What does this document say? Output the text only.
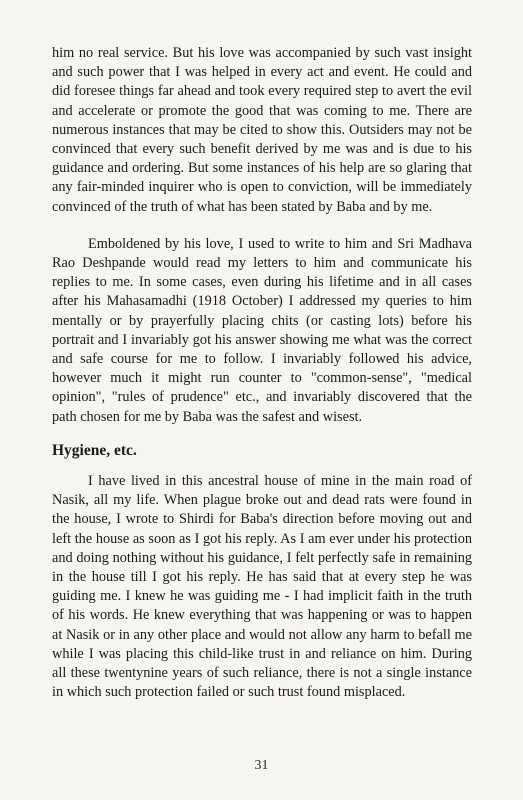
him no real service. But his love was accompanied by such vast insight and such power that I was helped in every act and event. He could and did foresee things far ahead and took every required step to avert the evil and accelerate or promote the good that was coming to me. There are numerous instances that may be cited to show this. Outsiders may not be convinced that every such benefit derived by me was and is due to his guidance and ordering. But some instances of his help are so glaring that any fair-minded inquirer who is open to conviction, will be immediately convinced of the truth of what has been stated by Baba and by me.

Emboldened by his love, I used to write to him and Sri Madhava Rao Deshpande would read my letters to him and communicate his replies to me. In some cases, even during his lifetime and in all cases after his Mahasamadhi (1918 October) I addressed my queries to him mentally or by prayerfully placing chits (or casting lots) before his portrait and I invariably got his answer showing me what was the correct and safe course for me to follow. I invariably followed his advice, however much it might run counter to "common-sense", "medical opinion", "rules of prudence" etc., and invariably discovered that the path chosen for me by Baba was the safest and wisest.

Hygiene, etc.

I have lived in this ancestral house of mine in the main road of Nasik, all my life. When plague broke out and dead rats were found in the house, I wrote to Shirdi for Baba's direction before moving out and left the house as soon as I got his reply. As I am ever under his protection and doing nothing without his guidance, I felt perfectly safe in remaining in the house till I got his reply. He has said that at every step he was guiding me. I knew he was guiding me - I had implicit faith in the truth of his words. He knew everything that was happening or was to happen at Nasik or in any other place and would not allow any harm to befall me while I was placing this child-like trust in and reliance on him. During all these twentynine years of such reliance, there is not a single instance in which such protection failed or such trust found misplaced.

31
